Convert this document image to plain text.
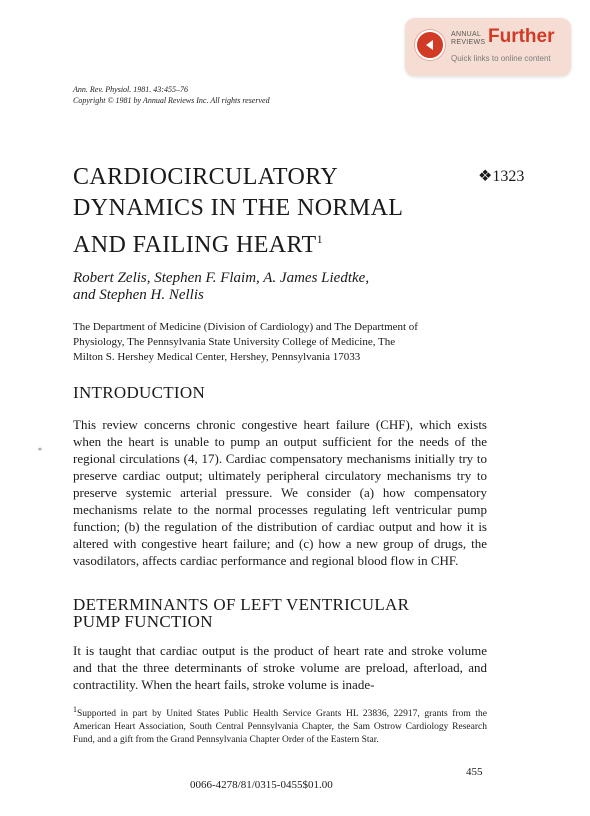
ANNUAL
REVIEWS Further
Quick links to online content
Ann. Rev. Physiol. 1981. 43:455–76
Copyright © 1981 by Annual Reviews Inc. All rights reserved
CARDIOCIRCULATORY
DYNAMICS IN THE NORMAL
AND FAILING HEART$^1$
❖1323
Robert Zelis, Stephen F. Flaim, A. James Liedtke,
and Stephen H. Nellis
The Department of Medicine (Division of Cardiology) and The Department of
Physiology, The Pennsylvania State University College of Medicine, The
Milton S. Hershey Medical Center, Hershey, Pennsylvania 17033
INTRODUCTION
This review concerns chronic congestive heart failure (CHF), which exists when the heart is unable to pump an output sufficient for the needs of the regional circulations (4, 17). Cardiac compensatory mechanisms initially try to preserve cardiac output; ultimately peripheral circulatory mechanisms try to preserve systemic arterial pressure. We consider (a) how compensatory mechanisms relate to the normal processes regulating left ventricular pump function; (b) the regulation of the distribution of cardiac output and how it is altered with congestive heart failure; and (c) how a new group of drugs, the vasodilators, affects cardiac performance and regional blood flow in CHF.
*
DETERMINANTS OF LEFT VENTRICULAR
PUMP FUNCTION
It is taught that cardiac output is the product of heart rate and stroke volume and that the three determinants of stroke volume are preload, afterload, and contractility. When the heart fails, stroke volume is inade-
$^1$Supported in part by United States Public Health Service Grants HL 23836, 22917, grants from the American Heart Association, South Central Pennsylvania Chapter, the Sam Ostrow Cardiology Research Fund, and a gift from the Grand Pennsylvania Chapter Order of the Eastern Star.
455
0066-4278/81/0315-0455$01.00
